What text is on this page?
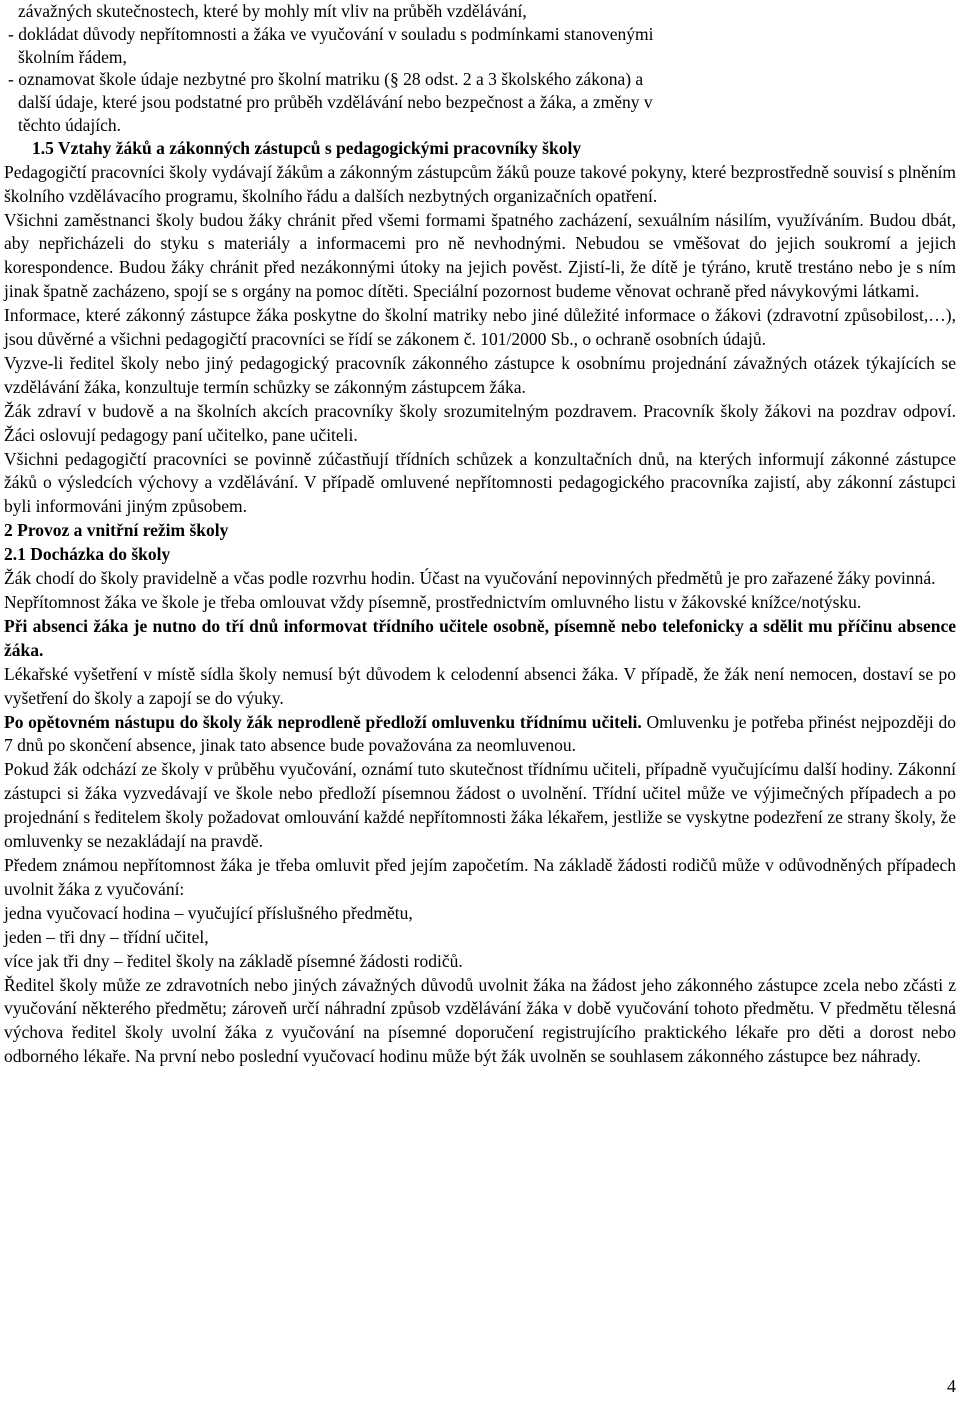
závažných skutečnostech, které by mohly mít vliv na průběh vzdělávání,

- dokládat důvody nepřítomnosti a žáka ve vyučování v souladu s podmínkami stanovenými

školním řádem,

- oznamovat škole údaje nezbytné pro školní matriku (§ 28 odst. 2 a 3 školského zákona) a

další údaje, které jsou podstatné pro průběh vzdělávání nebo bezpečnost a žáka, a změny v

těchto údajích.

1.5 Vztahy žáků a zákonných zástupců s pedagogickými pracovníky školy

Pedagogičtí pracovníci školy vydávají žákům a zákonným zástupcům žáků pouze takové pokyny, které bezprostředně souvisí s plněním školního vzdělávacího programu, školního řádu a dalších nezbytných organizačních opatření.

Všichni zaměstnanci školy budou žáky chránit před všemi formami špatného zacházení, sexuálním násilím, využíváním. Budou dbát, aby nepřicházeli do styku s materiály a informacemi pro ně nevhodnými. Nebudou se vměšovat do jejich soukromí a jejich korespondence. Budou žáky chránit před nezákonnými útoky na jejich pověst. Zjistí-li, že dítě je týráno, krutě trestáno nebo je s ním jinak špatně zacházeno, spojí se s orgány na pomoc dítěti. Speciální pozornost budeme věnovat ochraně před návykovými látkami.

Informace, které zákonný zástupce žáka poskytne do školní matriky nebo jiné důležité informace o žákovi (zdravotní způsobilost,…), jsou důvěrné a všichni pedagogičtí pracovníci se řídí se zákonem č. 101/2000 Sb., o ochraně osobních údajů.

Vyzve-li ředitel školy nebo jiný pedagogický pracovník zákonného zástupce k osobnímu projednání závažných otázek týkajících se vzdělávání žáka, konzultuje termín schůzky se zákonným zástupcem žáka.

Žák zdraví v budově a na školních akcích pracovníky školy srozumitelným pozdravem. Pracovník školy žákovi na pozdrav odpoví. Žáci oslovují pedagogy paní učitelko, pane učiteli.

Všichni pedagogičtí pracovníci se povinně zúčastňují třídních schůzek a konzultačních dnů, na kterých informují zákonné zástupce žáků o výsledcích výchovy a vzdělávání. V případě omluvené nepřítomnosti pedagogického pracovníka zajistí, aby zákonní zástupci byli informováni jiným způsobem.

2 Provoz a vnitřní režim školy
2.1 Docházka do školy

Žák chodí do školy pravidelně a včas podle rozvrhu hodin. Účast na vyučování nepovinných předmětů je pro zařazené žáky povinná.

Nepřítomnost žáka ve škole je třeba omlouvat vždy písemně, prostřednictvím omluvného listu v žákovské knížce/notýsku.

Při absenci žáka je nutno do tří dnů informovat třídního učitele osobně, písemně nebo telefonicky a sdělit mu příčinu absence žáka.

Lékařské vyšetření v místě sídla školy nemusí být důvodem k celodenní absenci žáka. V případě, že žák není nemocen, dostaví se po vyšetření do školy a zapojí se do výuky.

Po opětovném nástupu do školy žák neprodleně předloží omluvenku třídnímu učiteli. Omluvenku je potřeba přinést nejpozději do 7 dnů po skončení absence, jinak tato absence bude považována za neomluvenou.

Pokud žák odchází ze školy v průběhu vyučování, oznámí tuto skutečnost třídnímu učiteli, případně vyučujícímu další hodiny. Zákonní zástupci si žáka vyzvedávají ve škole nebo předloží písemnou žádost o uvolnění. Třídní učitel může ve výjimečných případech a po projednání s ředitelem školy požadovat omlouvání každé nepřítomnosti žáka lékařem, jestliže se vyskytne podezření ze strany školy, že omluvenky se nezakládají na pravdě.

Předem známou nepřítomnost žáka je třeba omluvit před jejím započetím. Na základě žádosti rodičů může v odůvodněných případech uvolnit žáka z vyučování:

jedna vyučovací hodina – vyučující příslušného předmětu,

jeden – tři dny – třídní učitel,

více jak tři dny – ředitel školy na základě písemné žádosti rodičů.

Ředitel školy může ze zdravotních nebo jiných závažných důvodů uvolnit žáka na žádost jeho zákonného zástupce zcela nebo zčásti z vyučování některého předmětu; zároveň určí náhradní způsob vzdělávání žáka v době vyučování tohoto předmětu. V předmětu tělesná výchova ředitel školy uvolní žáka z vyučování na písemné doporučení registrujícího praktického lékaře pro děti a dorost nebo odborného lékaře. Na první nebo poslední vyučovací hodinu může být žák uvolněn se souhlasem zákonného zástupce bez náhrady.

4
